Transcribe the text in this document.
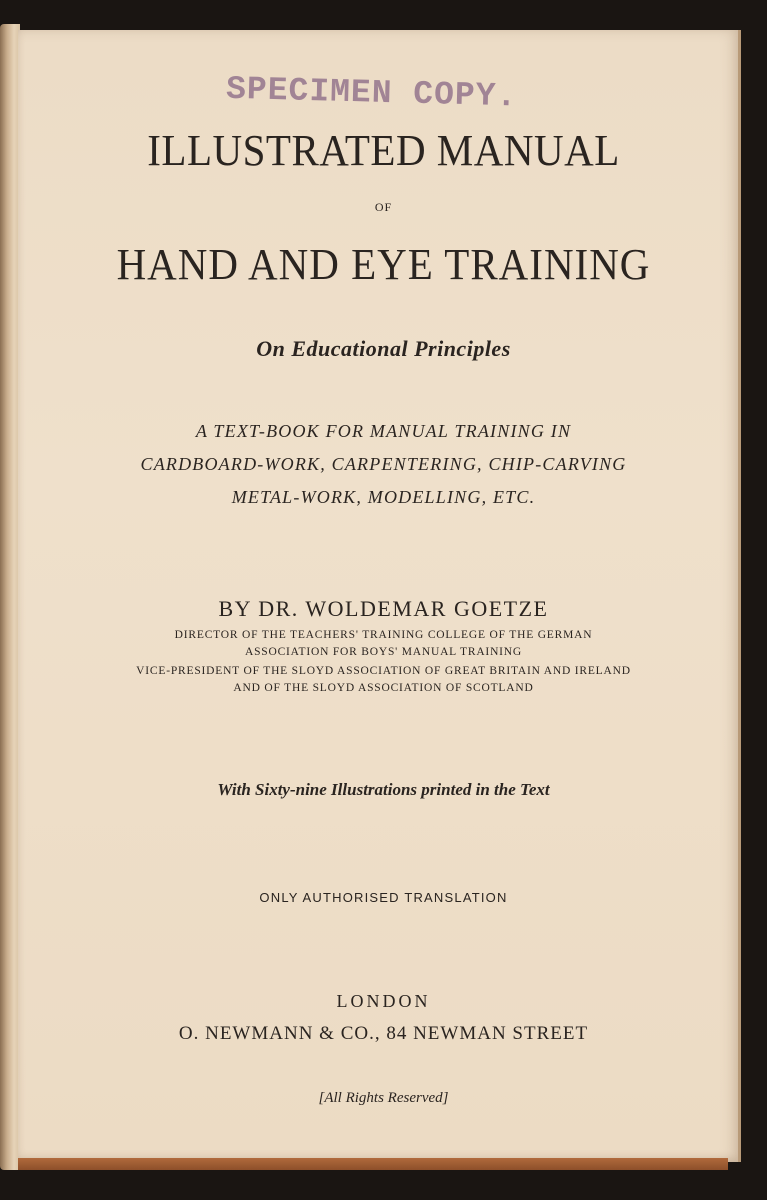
SPECIMEN COPY.
ILLUSTRATED MANUAL
OF
HAND AND EYE TRAINING
On Educational Principles
A TEXT-BOOK FOR MANUAL TRAINING IN
CARDBOARD-WORK, CARPENTERING, CHIP-CARVING
METAL-WORK, MODELLING, ETC.
BY DR. WOLDEMAR GOETZE
DIRECTOR OF THE TEACHERS' TRAINING COLLEGE OF THE GERMAN
ASSOCIATION FOR BOYS' MANUAL TRAINING
VICE-PRESIDENT OF THE SLOYD ASSOCIATION OF GREAT BRITAIN AND IRELAND
AND OF THE SLOYD ASSOCIATION OF SCOTLAND
With Sixty-nine Illustrations printed in the Text
ONLY AUTHORISED TRANSLATION
LONDON
O. NEWMANN & CO., 84 NEWMAN STREET
[All Rights Reserved]
